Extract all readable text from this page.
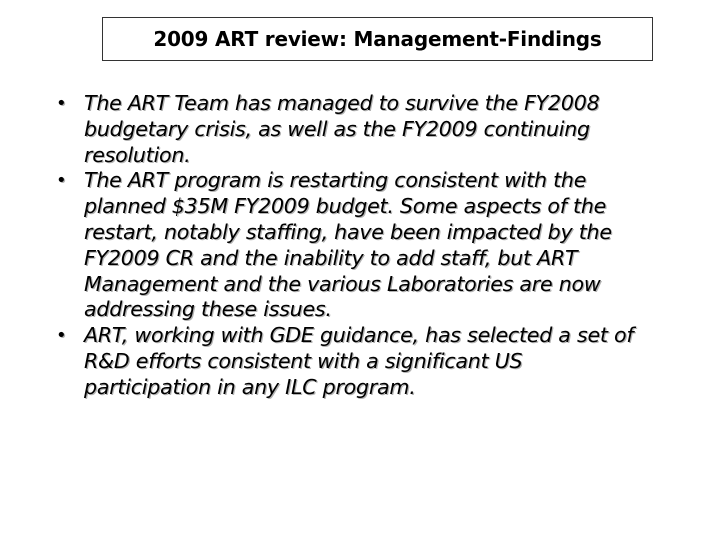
2009 ART review: Management-Findings
• The ART Team has managed to survive the FY2008 budgetary crisis, as well as the FY2009 continuing resolution.
• The ART program is restarting consistent with the planned $35M FY2009 budget. Some aspects of the restart, notably staffing, have been impacted by the FY2009 CR and the inability to add staff, but ART Management and the various Laboratories are now addressing these issues.
• ART, working with GDE guidance, has selected a set of R&D efforts consistent with a significant US participation in any ILC program.
